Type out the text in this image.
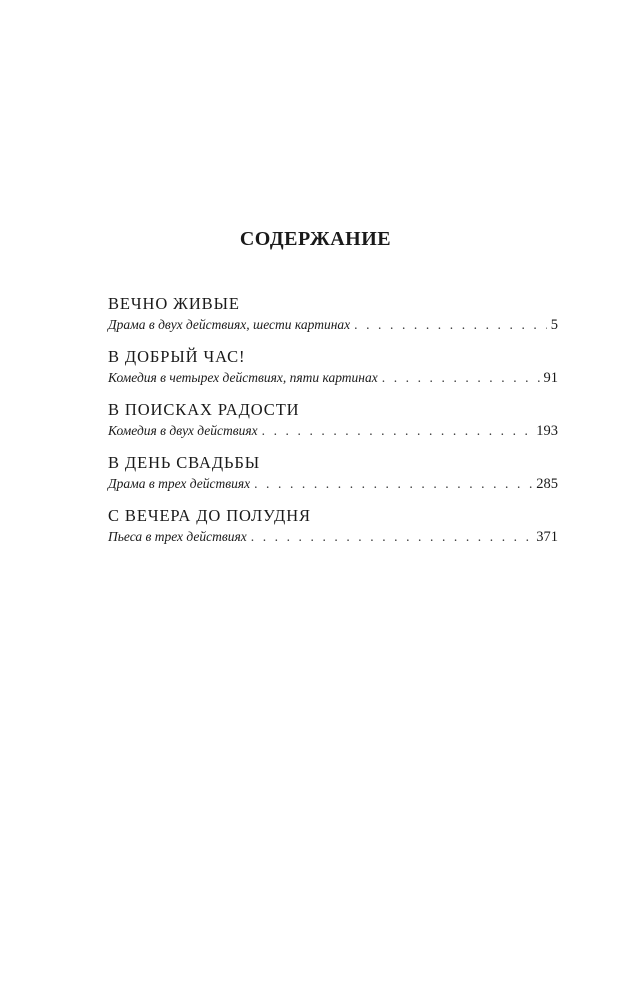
СОДЕРЖАНИЕ
ВЕЧНО ЖИВЫЕ
Драма в двух действиях, шести картинах . . .	5
В ДОБРЫЙ ЧАС!
Комедия в четырех действиях, пяти картинах . . .	91
В ПОИСКАХ РАДОСТИ
Комедия в двух действиях . . .	193
В ДЕНЬ СВАДЬБЫ
Драма в трех действиях . . .	285
С ВЕЧЕРА ДО ПОЛУДНЯ
Пьеса в трех действиях . . .	371
